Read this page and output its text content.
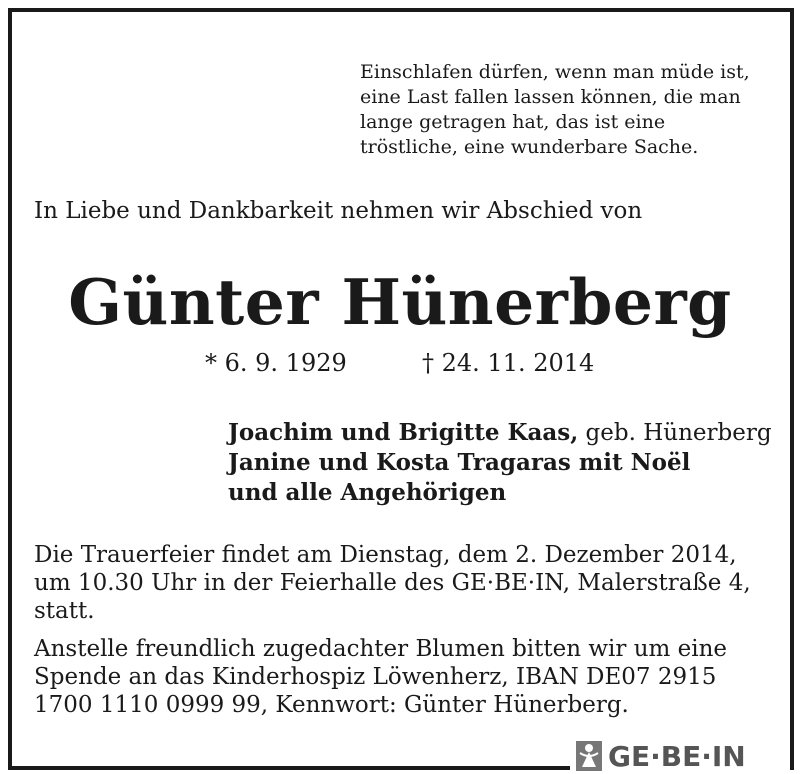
Einschlafen dürfen, wenn man müde ist,
eine Last fallen lassen können, die man
lange getragen hat, das ist eine
tröstliche, eine wunderbare Sache.

In Liebe und Dankbarkeit nehmen wir Abschied von

Günter Hünerberg
* 6. 9. 1929	† 24. 11. 2014
Joachim und Brigitte Kaas, geb. Hünerberg
Janine und Kosta Tragaras mit Noël
und alle Angehörigen
Die Trauerfeier findet am Dienstag, dem 2. Dezember 2014,
um 10.30 Uhr in der Feierhalle des GE·BE·IN, Malerstraße 4,
statt.
Anstelle freundlich zugedachter Blumen bitten wir um eine
Spende an das Kinderhospiz Löwenherz, IBAN DE07 2915
1700 1110 0999 99, Kennwort: Günter Hünerberg.
GE·BE·IN
